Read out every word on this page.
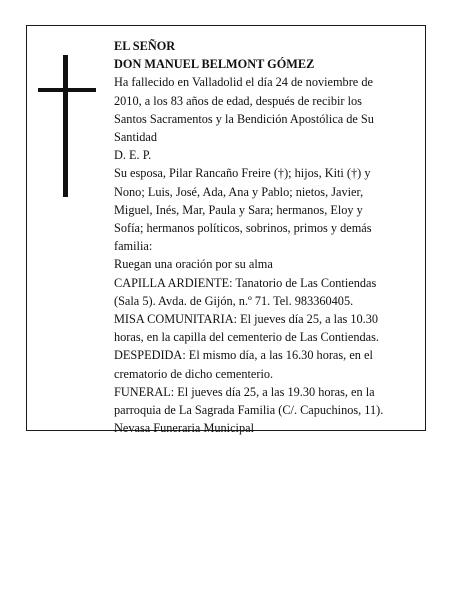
EL SEÑOR
DON MANUEL BELMONT GÓMEZ
Ha fallecido en Valladolid el día 24 de noviembre de
2010, a los 83 años de edad, después de recibir los
Santos Sacramentos y la Bendición Apostólica de Su
Santidad
D. E. P.
Su esposa, Pilar Rancaño Freire (†); hijos, Kiti (†) y
Nono; Luis, José, Ada, Ana y Pablo; nietos, Javier,
Miguel, Inés, Mar, Paula y Sara; hermanos, Eloy y
Sofía; hermanos políticos, sobrinos, primos y demás
familia:
Ruegan una oración por su alma
CAPILLA ARDIENTE: Tanatorio de Las Contiendas
(Sala 5). Avda. de Gijón, n.º 71. Tel. 983360405.
MISA COMUNITARIA: El jueves día 25, a las 10.30
horas, en la capilla del cementerio de Las Contiendas.
DESPEDIDA: El mismo día, a las 16.30 horas, en el
crematorio de dicho cementerio.
FUNERAL: El jueves día 25, a las 19.30 horas, en la
parroquia de La Sagrada Familia (C/. Capuchinos, 11).
Nevasa Funeraria Municipal
